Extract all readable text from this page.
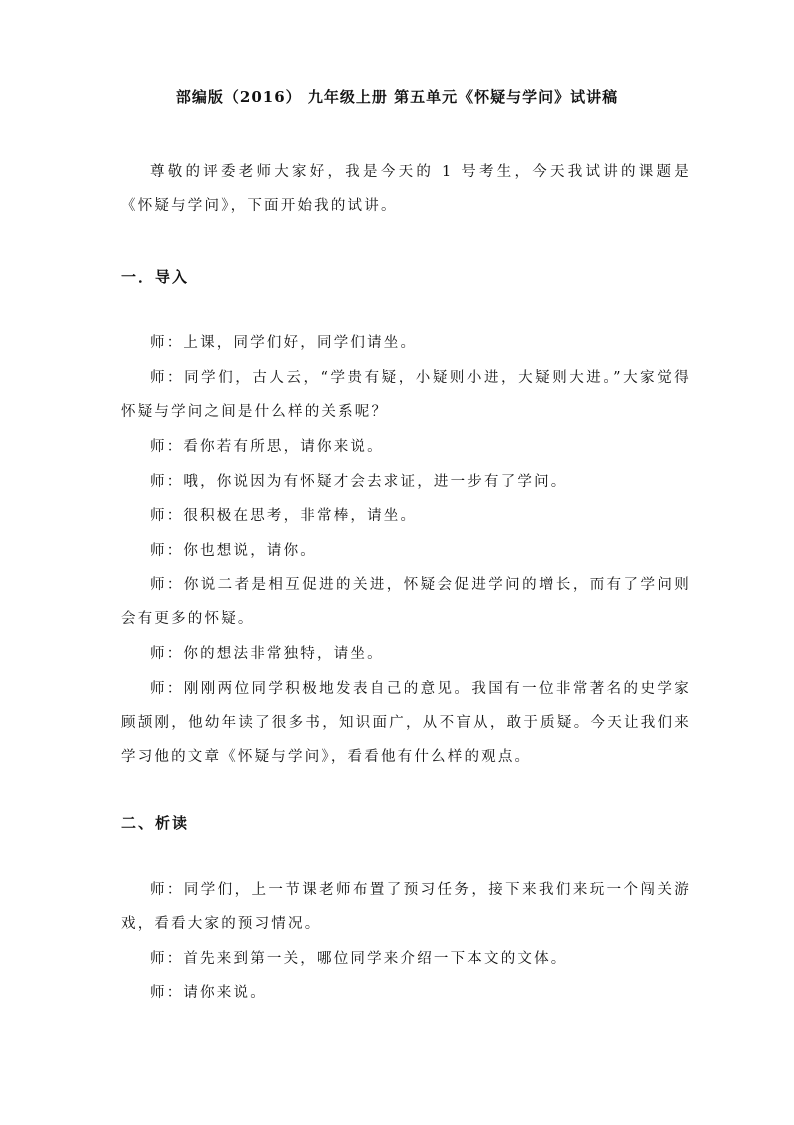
部编版（2016） 九年级上册 第五单元《怀疑与学问》试讲稿
尊敬的评委老师大家好，我是今天的 1 号考生，今天我试讲的课题是《怀疑与学问》，下面开始我的试讲。
一．导入
师：上课，同学们好，同学们请坐。
师：同学们，古人云，“学贵有疑，小疑则小进，大疑则大进。”大家觉得怀疑与学问之间是什么样的关系呢？
师：看你若有所思，请你来说。
师：哦，你说因为有怀疑才会去求证，进一步有了学问。
师：很积极在思考，非常棒，请坐。
师：你也想说，请你。
师：你说二者是相互促进的关进，怀疑会促进学问的增长，而有了学问则会有更多的怀疑。
师：你的想法非常独特，请坐。
师：刚刚两位同学积极地发表自己的意见。我国有一位非常著名的史学家顾颉刚，他幼年读了很多书，知识面广，从不盲从，敢于质疑。今天让我们来学习他的文章《怀疑与学问》，看看他有什么样的观点。
二、析读
师：同学们，上一节课老师布置了预习任务，接下来我们来玩一个闯关游戏，看看大家的预习情况。
师：首先来到第一关，哪位同学来介绍一下本文的文体。
师：请你来说。
